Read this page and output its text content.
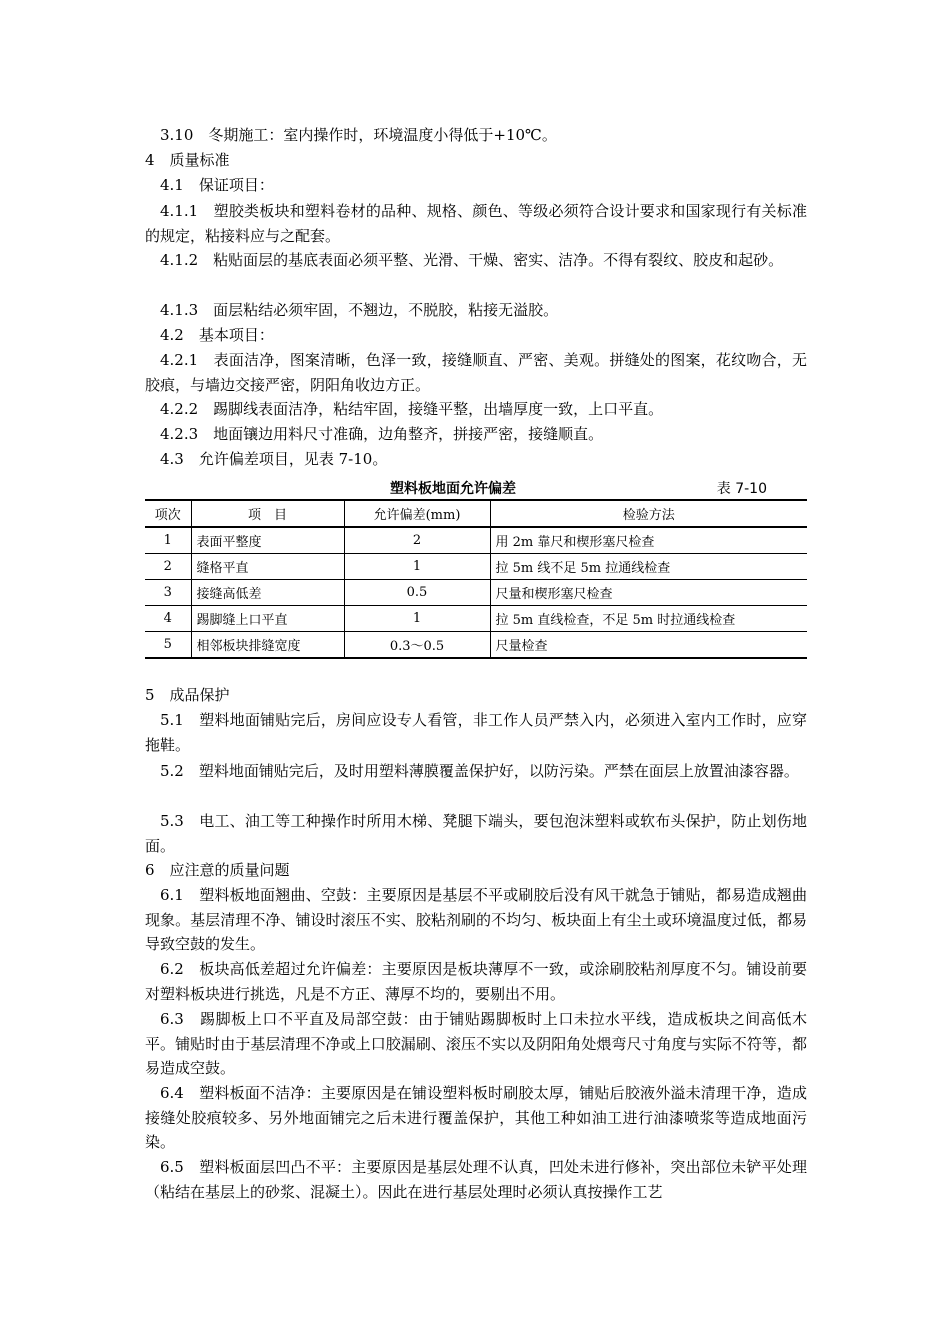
3.10　冬期施工：室内操作时，环境温度小得低于+10℃。
4　质量标准
4.1　保证项目：
4.1.1　塑胶类板块和塑料卷材的品种、规格、颜色、等级必须符合设计要求和国家现行有关标准的规定，粘接料应与之配套。
4.1.2　粘贴面层的基底表面必须平整、光滑、干燥、密实、洁净。不得有裂纹、胶皮和起砂。
4.1.3　面层粘结必须牢固，不翘边，不脱胶，粘接无溢胶。
4.2　基本项目：
4.2.1　表面洁净，图案清晰，色泽一致，接缝顺直、严密、美观。拼缝处的图案，花纹吻合，无胶痕，与墙边交接严密，阴阳角收边方正。
4.2.2　踢脚线表面洁净，粘结牢固，接缝平整，出墙厚度一致，上口平直。
4.2.3　地面镶边用料尺寸准确，边角整齐，拼接严密，接缝顺直。
4.3　允许偏差项目，见表 7-10。
塑料板地面允许偏差	表 7-10
项次	项　目	允许偏差(mm)	检验方法
1	表面平整度	2	用 2m 靠尺和楔形塞尺检查
2	缝格平直	1	拉 5m 线不足 5m 拉通线检查
3	接缝高低差	0.5	尺量和楔形塞尺检查
4	踢脚缝上口平直	1	拉 5m 直线检查，不足 5m 时拉通线检查
5	相邻板块排缝宽度	0.3～0.5	尺量检查
5　成品保护
5.1　塑料地面铺贴完后，房间应设专人看管，非工作人员严禁入内，必须进入室内工作时，应穿拖鞋。
5.2　塑料地面铺贴完后，及时用塑料薄膜覆盖保护好，以防污染。严禁在面层上放置油漆容器。
5.3　电工、油工等工种操作时所用木梯、凳腿下端头，要包泡沫塑料或软布头保护，防止划伤地面。
6　应注意的质量问题
6.1　塑料板地面翘曲、空鼓：主要原因是基层不平或刷胶后没有风干就急于铺贴，都易造成翘曲现象。基层清理不净、铺设时滚压不实、胶粘剂刷的不均匀、板块面上有尘土或环境温度过低，都易导致空鼓的发生。
6.2　板块高低差超过允许偏差：主要原因是板块薄厚不一致，或涂刷胶粘剂厚度不匀。铺设前要对塑料板块进行挑选，凡是不方正、薄厚不均的，要剔出不用。
6.3　踢脚板上口不平直及局部空鼓：由于铺贴踢脚板时上口未拉水平线，造成板块之间高低木平。铺贴时由于基层清理不净或上口胶漏刷、滚压不实以及阴阳角处煨弯尺寸角度与实际不符等，都易造成空鼓。
6.4　塑料板面不洁净：主要原因是在铺设塑料板时刷胶太厚，铺贴后胶液外溢未清理干净，造成接缝处胶痕较多、另外地面铺完之后未进行覆盖保护，其他工种如油工进行油漆喷浆等造成地面污染。
6.5　塑料板面层凹凸不平：主要原因是基层处理不认真，凹处未进行修补，突出部位未铲平处理（粘结在基层上的砂浆、混凝土）。因此在进行基层处理时必须认真按操作工艺
